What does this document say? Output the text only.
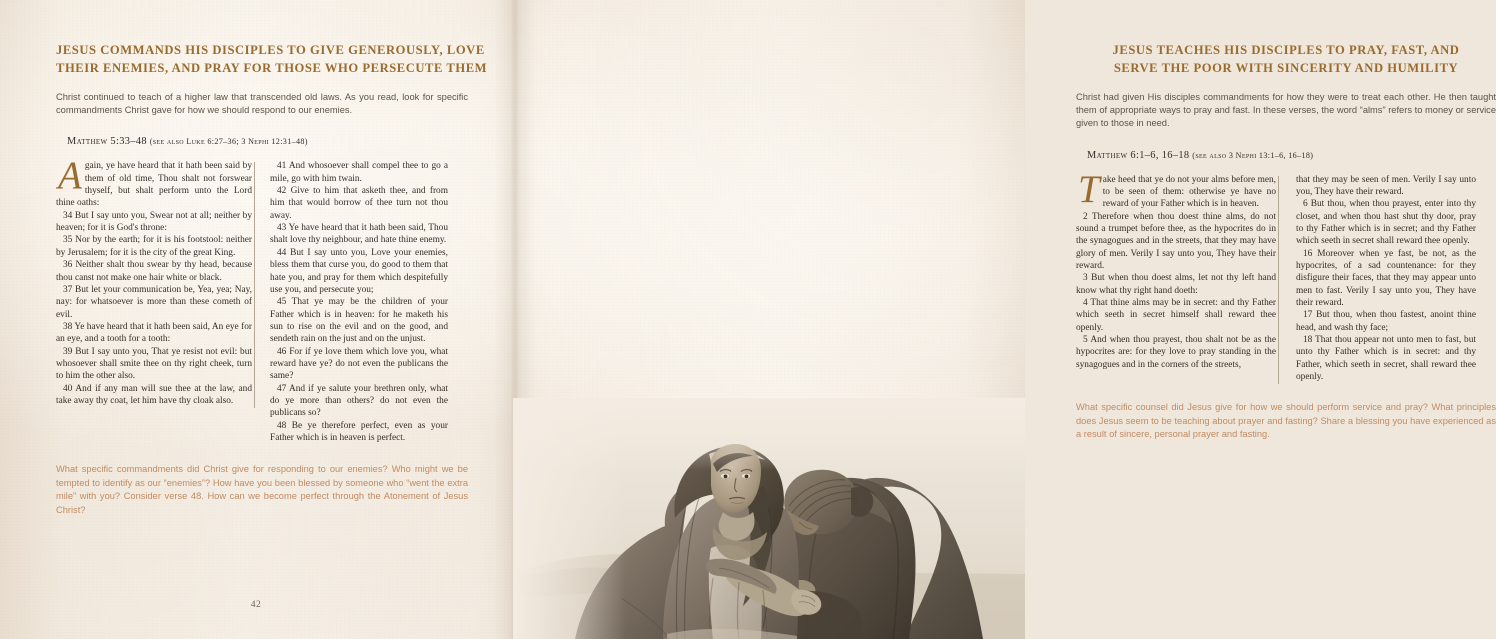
JESUS COMMANDS HIS DISCIPLES TO GIVE GENEROUSLY, LOVE
THEIR ENEMIES, AND PRAY FOR THOSE WHO PERSECUTE THEM
Christ continued to teach of a higher law that transcended old laws. As you read, look for specific commandments Christ gave for how we should respond to our enemies.
Matthew 5:33–48 (see also Luke 6:27–36; 3 Nephi 12:31–48)
A gain, ye have heard that it hath been said by them of old time, Thou shalt not forswear thyself, but shalt perform unto the Lord thine oaths:

34 But I say unto you, Swear not at all; neither by heaven; for it is God's throne:

35 Nor by the earth; for it is his footstool: neither by Jerusalem; for it is the city of the great King.

36 Neither shalt thou swear by thy head, because thou canst not make one hair white or black.

37 But let your communication be, Yea, yea; Nay, nay: for whatsoever is more than these cometh of evil.

38 Ye have heard that it hath been said, An eye for an eye, and a tooth for a tooth:

39 But I say unto you, That ye resist not evil: but whosoever shall smite thee on thy right cheek, turn to him the other also.

40 And if any man will sue thee at the law, and take away thy coat, let him have thy cloak also.

41 And whosoever shall compel thee to go a mile, go with him twain.

42 Give to him that asketh thee, and from him that would borrow of thee turn not thou away.

43 Ye have heard that it hath been said, Thou shalt love thy neighbour, and hate thine enemy.

44 But I say unto you, Love your enemies, bless them that curse you, do good to them that hate you, and pray for them which despitefully use you, and persecute you;

45 That ye may be the children of your Father which is in heaven: for he maketh his sun to rise on the evil and on the good, and sendeth rain on the just and on the unjust.

46 For if ye love them which love you, what reward have ye? do not even the publicans the same?

47 And if ye salute your brethren only, what do ye more than others? do not even the publicans so?

48 Be ye therefore perfect, even as your Father which is in heaven is perfect.

What specific commandments did Christ give for responding to our enemies? Who might we be tempted to identify as our “enemies”? How have you been blessed by someone who “went the extra mile” with you? Consider verse 48. How can we become perfect through the Atonement of Jesus Christ?
42
JESUS TEACHES HIS DISCIPLES TO PRAY, FAST, AND
SERVE THE POOR WITH SINCERITY AND HUMILITY
Christ had given His disciples commandments for how they were to treat each other. He then taught them of appropriate ways to pray and fast. In these verses, the word “alms” refers to money or service given to those in need.
Matthew 6:1–6, 16–18 (see also 3 Nephi 13:1–6, 16–18)
T ake heed that ye do not your alms before men, to be seen of them: otherwise ye have no reward of your Father which is in heaven.

2 Therefore when thou doest thine alms, do not sound a trumpet before thee, as the hypocrites do in the synagogues and in the streets, that they may have glory of men. Verily I say unto you, They have their reward.

3 But when thou doest alms, let not thy left hand know what thy right hand doeth:

4 That thine alms may be in secret: and thy Father which seeth in secret himself shall reward thee openly.

5 And when thou prayest, thou shalt not be as the hypocrites are: for they love to pray standing in the synagogues and in the corners of the streets,

that they may be seen of men. Verily I say unto you, They have their reward.

6 But thou, when thou prayest, enter into thy closet, and when thou hast shut thy door, pray to thy Father which is in secret; and thy Father which seeth in secret shall reward thee openly.

16 Moreover when ye fast, be not, as the hypocrites, of a sad countenance: for they disfigure their faces, that they may appear unto men to fast. Verily I say unto you, They have their reward.

17 But thou, when thou fastest, anoint thine head, and wash thy face;

18 That thou appear not unto men to fast, but unto thy Father which is in secret: and thy Father, which seeth in secret, shall reward thee openly.

What specific counsel did Jesus give for how we should perform service and pray? What principles does Jesus seem to be teaching about prayer and fasting? Share a blessing you have experienced as a result of sincere, personal prayer and fasting.
